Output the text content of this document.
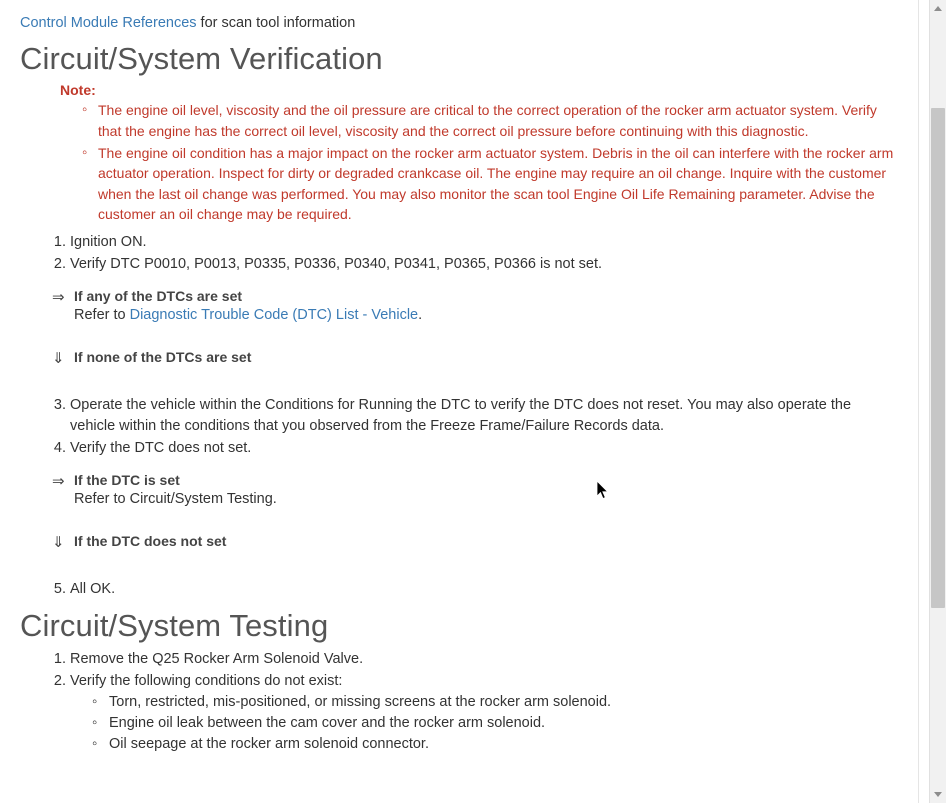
Control Module References for scan tool information

Circuit/System Verification
Note:
◦ The engine oil level, viscosity and the oil pressure are critical to the correct operation of the rocker arm actuator system. Verify that the engine has the correct oil level, viscosity and the correct oil pressure before continuing with this diagnostic.
◦ The engine oil condition has a major impact on the rocker arm actuator system. Debris in the oil can interfere with the rocker arm actuator operation. Inspect for dirty or degraded crankcase oil. The engine may require an oil change. Inquire with the customer when the last oil change was performed. You may also monitor the scan tool Engine Oil Life Remaining parameter. Advise the customer an oil change may be required.
Ignition ON.
Verify DTC P0010, P0013, P0335, P0336, P0340, P0341, P0365, P0366 is not set.
⇒ If any of the DTCs are set
Refer to Diagnostic Trouble Code (DTC) List - Vehicle.
⇓ If none of the DTCs are set
Operate the vehicle within the Conditions for Running the DTC to verify the DTC does not reset. You may also operate the vehicle within the conditions that you observed from the Freeze Frame/Failure Records data.
Verify the DTC does not set.
⇒ If the DTC is set
Refer to Circuit/System Testing.
⇓ If the DTC does not set
All OK.
Circuit/System Testing
Remove the Q25 Rocker Arm Solenoid Valve.
Verify the following conditions do not exist:
◦ Torn, restricted, mis-positioned, or missing screens at the rocker arm solenoid.
◦ Engine oil leak between the cam cover and the rocker arm solenoid.
◦ Oil seepage at the rocker arm solenoid connector.
